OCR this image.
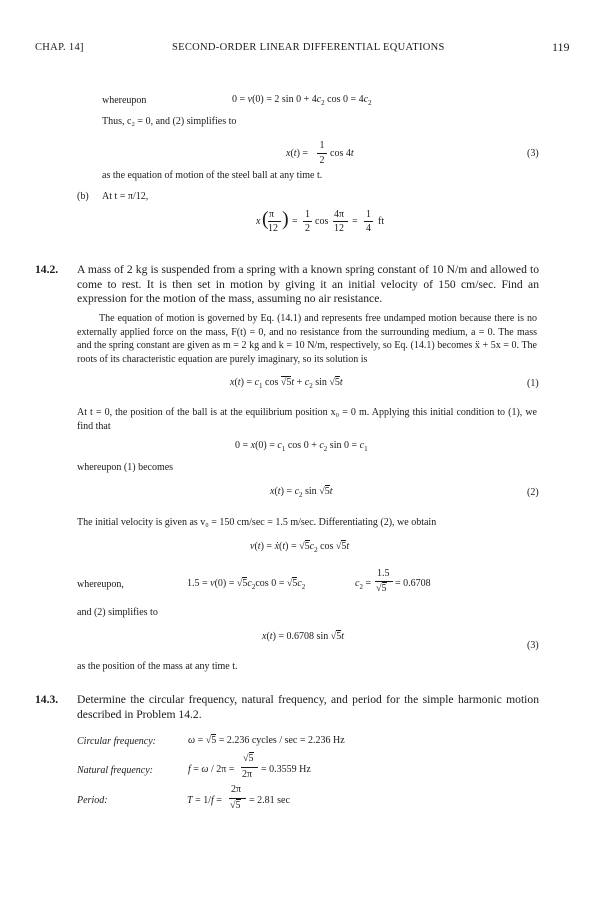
CHAP. 14]	SECOND-ORDER LINEAR DIFFERENTIAL EQUATIONS	119
whereupon	0 = v(0) = 2 $\sin 0 + 4c_2$ $\cos 0 = 4c_2$
Thus, c₂ = 0, and (2) simplifies to
x(t) =
1
2
cos 4t	(3)
as the equation of motion of the steel ball at any time t.
(b) At t = π/12,
x ( π
12 ) =
1
2
cos
4π
12
=
1
4
ft
14.2. A mass of 2 kg is suspended from a spring with a known spring constant of 10 N/m and allowed to come to rest. It is then set in motion by giving it an initial velocity of 150 cm/sec. Find an expression for the motion of the mass, assuming no air resistance.
The equation of motion is governed by Eq. (14.1) and represents free undamped motion because there is no externally applied force on the mass, F(t) = 0, and no resistance from the surrounding medium, a = 0. The mass and the spring constant are given as m = 2 kg and k = 10 N/m, respectively, so Eq. (14.1) becomes ẍ + 5x = 0. The roots of its characteristic equation are purely imaginary, so its solution is
$x(t) = c_1$ $\cos √5t + c_2$ sin √5t	(1)
At t = 0, the position of the ball is at the equilibrium position x₀ = 0 m. Applying this initial condition to (1), we find that
$0 = x(0) = c_1$ $\cos 0 + c_2$ $\sin 0 = c_1$
whereupon (1) becomes
$x(t) = c_2$ sin √5t	(2)
The initial velocity is given as v₀ = 150 cm/sec = 1.5 m/sec. Differentiating (2), we obtain
v(t) = ẋ(t) = $√5c_2$ cos √5t
whereupon,	$1.5 = v(0) = √5c_2\cos$ $0 = √5c_2$	$c_2$ =
1.5
√5 = 0.6708
and (2) simplifies to
x(t) = 0.6708 sin √5t
(3)
as the position of the mass at any time t.
14.3. Determine the circular frequency, natural frequency, and period for the simple harmonic motion described in Problem 14.2.
Circular frequency:	ω = √5 = 2.236 cycles / sec = 2.236 Hz
Natural frequency:	f = ω / 2π =
√5
2π = 0.3559 Hz
Period:	T = 1/f =
2π
√5 = 2.81 sec
